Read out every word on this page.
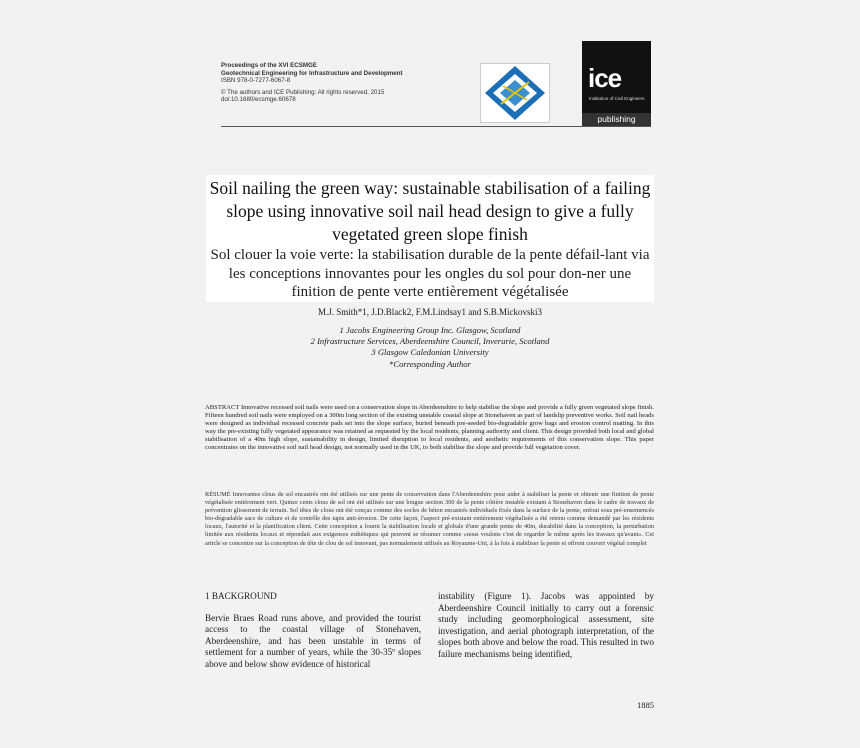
Proceedings of the XVI ECSMGE
Geotechnical Engineering for Infrastructure and Development
ISBN 978-0-7277-6067-8
© The authors and ICE Publishing: All rights reserved, 2015
doi:10.1680/ecsmge.60678
ice
Institution of Civil Engineers
publishing
Soil nailing the green way: sustainable stabilisation of a failing slope using innovative soil nail head design to give a fully vegetated green slope finish
Sol clouer la voie verte: la stabilisation durable de la pente défail-lant via les conceptions innovantes pour les ongles du sol pour don-ner une finition de pente verte entièrement végétalisée
M.J. Smith*1, J.D.Black2, F.M.Lindsay1 and S.B.Mickovski3
1 Jacobs Engineering Group Inc. Glasgow, Scotland
2 Infrastructure Services, Aberdeenshire Council, Inverurie, Scotland
3 Glasgow Caledonian University
*Corresponding Author
ABSTRACT Innovative recessed soil nails were used on a conservation slope in Aberdeenshire to help stabilise the slope and provide a fully green vegetated slope finish. Fifteen hundred soil nails were employed on a 300m long section of the existing unstable coastal slope at Stonehaven as part of landslip preventive works. Soil nail heads were designed as individual recessed concrete pads set into the slope surface, buried beneath pre-seeded bio-degradable grow bags and erosion control matting. In this way the pre-existing fully vegetated appearance was retained as requested by the local residents, planning authority and client. This design provided both local and global stabilisation of a 40m high slope, sustainability in design, limited disruption to local residents, and aesthetic requirements of this conservation slope. This paper concentrates on the innovative soil nail head design, not normally used in the UK, to both stabilise the slope and provide full vegetation cover.
RÉSUMÉ Innovantes clous de sol encastrés ont été utilisés sur une pente de conservation dans l'Aberdeenshire pour aider à stabiliser la pente et obtenir une finition de pente végétalisée entièrement vert. Quinze cents clous de sol ont été utilisés sur une longue section 300 de la pente côtière instable existant à Stonehaven dans le cadre de travaux de prévention glissement de terrain. Sol têtes de clous ont été conçus comme des socles de béton encastrés individuels fixés dans la surface de la pente, enfoui sous pré-ensemencés bio-dégradable sacs de culture et de contrôle des tapis anti-érosion. De cette façon, l'aspect pré-existant entièrement végétalisée a été retenu comme demandé par les résidents locaux, l'autorité et la planification client. Cette conception a fourni la stabilisation locale et globale d'une grande pente de 40m, durabilité dans la conception, la perturbation limitée aux résidents locaux et répondait aux exigences esthétiques qui peuvent se résumer comme «nous voulons c'est de regarder le même après les travaux qu'avant». Cet article se concentre sur la conception de tête de clou de sol innovant, pas normalement utilisés au Royaume-Uni, à la fois à stabiliser la pente et offrent couvert végétal complet
1 BACKGROUND
Bervie Braes Road runs above, and provided the tourist access to the coastal village of Stonehaven, Aberdeenshire, and has been unstable in terms of settlement for a number of years, while the 30-35º slopes above and below show evidence of historical
instability (Figure 1). Jacobs was appointed by Aberdeenshire Council initially to carry out a forensic study including geomorphological assessment, site investigation, and aerial photograph interpretation, of the slopes both above and below the road. This resulted in two failure mechanisms being identified,
1885
